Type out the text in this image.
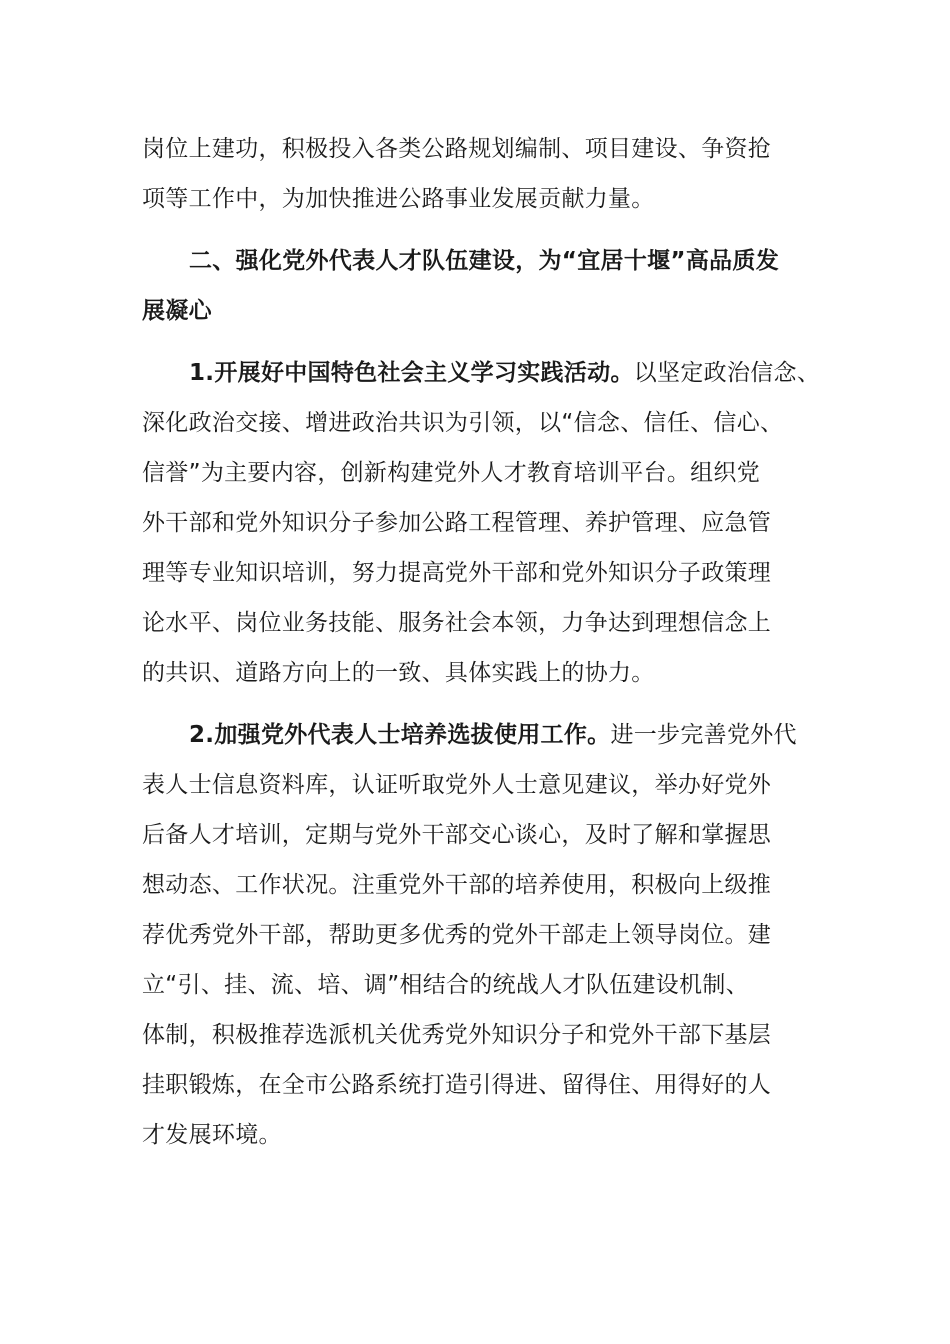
岗位上建功，积极投入各类公路规划编制、项目建设、争资抢
项等工作中，为加快推进公路事业发展贡献力量。
二、强化党外代表人才队伍建设，为“宜居十堰”高品质发
展凝心
1.开展好中国特色社会主义学习实践活动。以坚定政治信念、
深化政治交接、增进政治共识为引领，以“信念、信任、信心、
信誉”为主要内容，创新构建党外人才教育培训平台。组织党
外干部和党外知识分子参加公路工程管理、养护管理、应急管
理等专业知识培训，努力提高党外干部和党外知识分子政策理
论水平、岗位业务技能、服务社会本领，力争达到理想信念上
的共识、道路方向上的一致、具体实践上的协力。
2.加强党外代表人士培养选拔使用工作。进一步完善党外代
表人士信息资料库，认证听取党外人士意见建议，举办好党外
后备人才培训，定期与党外干部交心谈心，及时了解和掌握思
想动态、工作状况。注重党外干部的培养使用，积极向上级推
荐优秀党外干部，帮助更多优秀的党外干部走上领导岗位。建
立“引、挂、流、培、调”相结合的统战人才队伍建设机制、
体制，积极推荐选派机关优秀党外知识分子和党外干部下基层
挂职锻炼，在全市公路系统打造引得进、留得住、用得好的人
才发展环境。
